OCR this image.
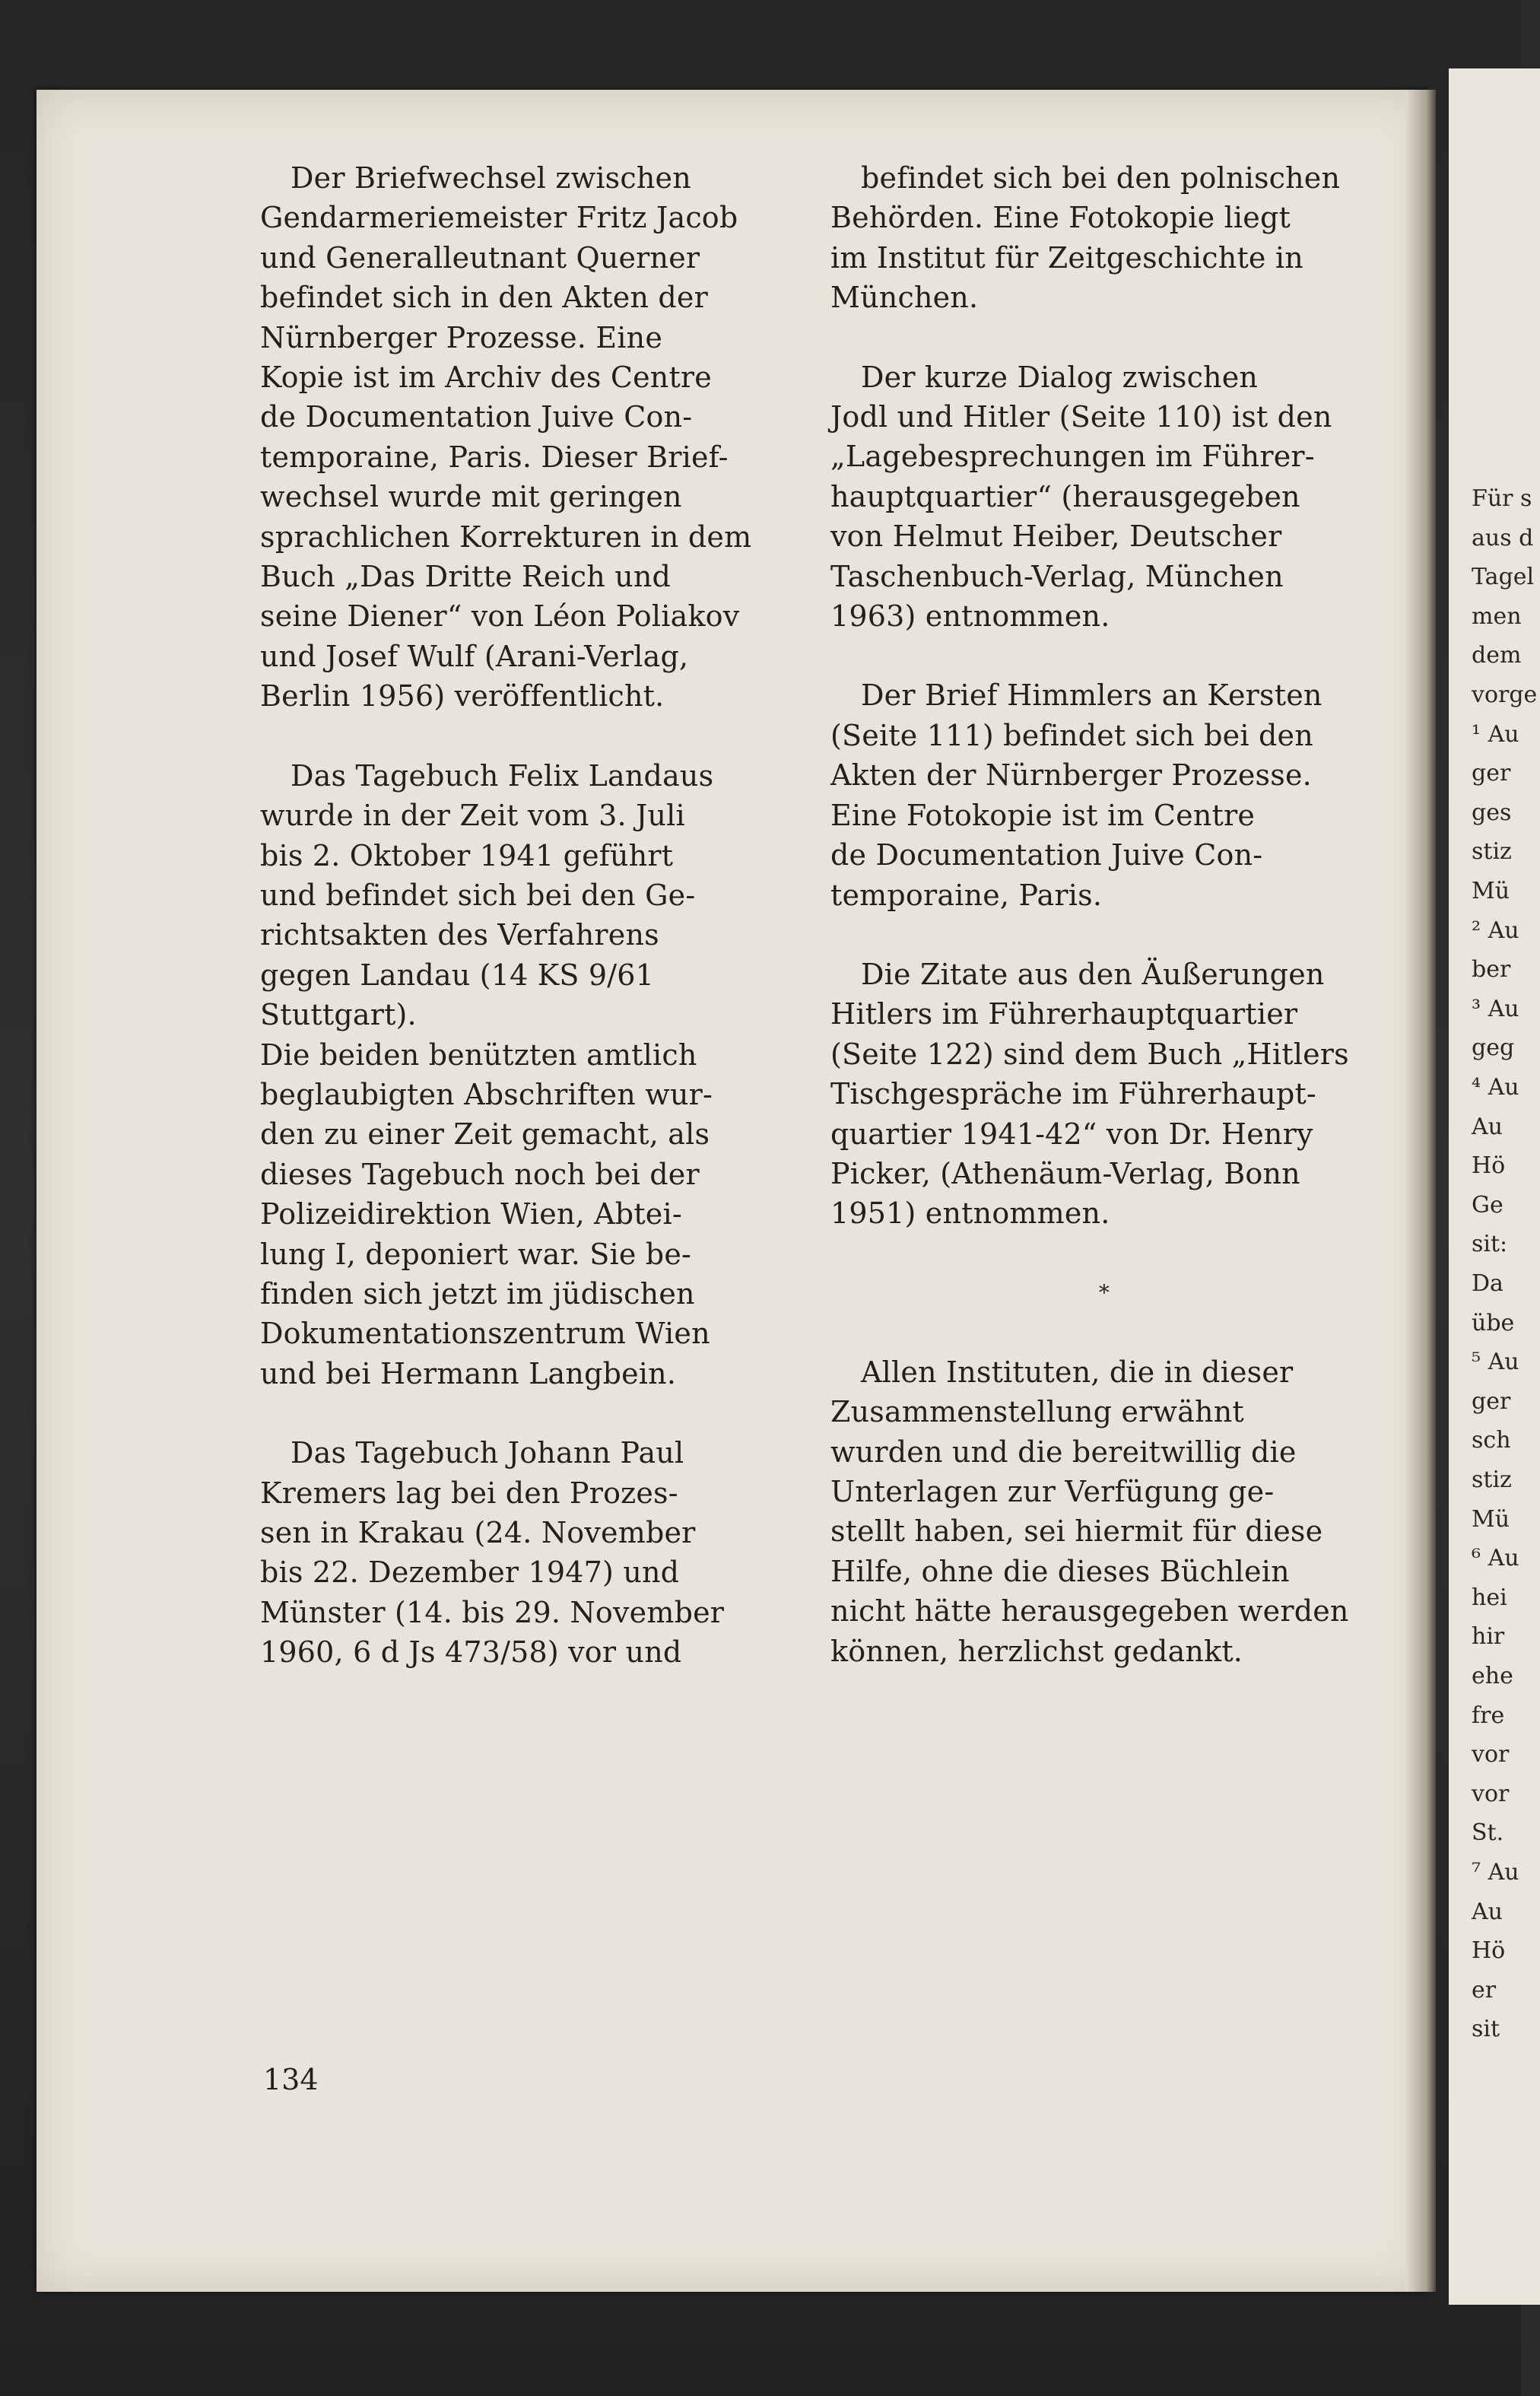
Für s
aus d
Tagel
men
dem
vorge
¹ Au
ger
ges
stiz
Mü
² Au
ber
³ Au
geg
⁴ Au
Au
Hö
Ge
sit:
Da
übe
⁵ Au
ger
sch
stiz
Mü
⁶ Au
hei
hir
ehe
fre
vor
vor
St.
⁷ Au
Au
Hö
er
sit
Der Briefwechsel zwischen
Gendarmeriemeister Fritz Jacob
und Generalleutnant Querner
befindet sich in den Akten der
Nürnberger Prozesse. Eine
Kopie ist im Archiv des Centre
de Documentation Juive Con-
temporaine, Paris. Dieser Brief-
wechsel wurde mit geringen
sprachlichen Korrekturen in dem
Buch „Das Dritte Reich und
seine Diener“ von Léon Poliakov
und Josef Wulf (Arani-Verlag,
Berlin 1956) veröffentlicht.
Das Tagebuch Felix Landaus
wurde in der Zeit vom 3. Juli
bis 2. Oktober 1941 geführt
und befindet sich bei den Ge-
richtsakten des Verfahrens
gegen Landau (14 KS 9/61
Stuttgart).
Die beiden benützten amtlich
beglaubigten Abschriften wur-
den zu einer Zeit gemacht, als
dieses Tagebuch noch bei der
Polizeidirektion Wien, Abtei-
lung I, deponiert war. Sie be-
finden sich jetzt im jüdischen
Dokumentationszentrum Wien
und bei Hermann Langbein.
Das Tagebuch Johann Paul
Kremers lag bei den Prozes-
sen in Krakau (24. November
bis 22. Dezember 1947) und
Münster (14. bis 29. November
1960, 6 d Js 473/58) vor und
befindet sich bei den polnischen
Behörden. Eine Fotokopie liegt
im Institut für Zeitgeschichte in
München.
Der kurze Dialog zwischen
Jodl und Hitler (Seite 110) ist den
„Lagebesprechungen im Führer-
hauptquartier“ (herausgegeben
von Helmut Heiber, Deutscher
Taschenbuch-Verlag, München
1963) entnommen.
Der Brief Himmlers an Kersten
(Seite 111) befindet sich bei den
Akten der Nürnberger Prozesse.
Eine Fotokopie ist im Centre
de Documentation Juive Con-
temporaine, Paris.
Die Zitate aus den Äußerungen
Hitlers im Führerhauptquartier
(Seite 122) sind dem Buch „Hitlers
Tischgespräche im Führerhaupt-
quartier 1941-42“ von Dr. Henry
Picker, (Athenäum-Verlag, Bonn
1951) entnommen.
*
Allen Instituten, die in dieser
Zusammenstellung erwähnt
wurden und die bereitwillig die
Unterlagen zur Verfügung ge-
stellt haben, sei hiermit für diese
Hilfe, ohne die dieses Büchlein
nicht hätte herausgegeben werden
können, herzlichst gedankt.
134
